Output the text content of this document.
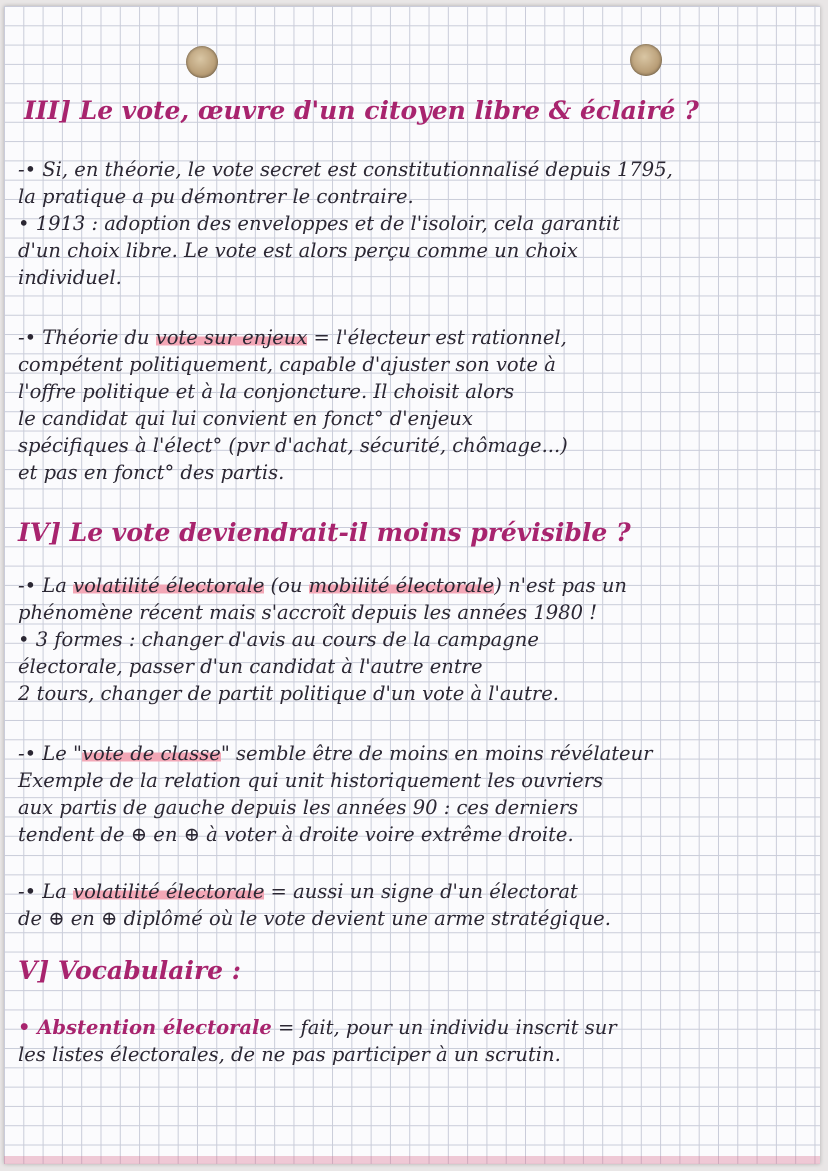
III] Le vote, œuvre d'un citoyen libre & éclairé ?
-• Si, en théorie, le vote secret est constitutionnalisé depuis 1795,
la pratique a pu démontrer le contraire.
• 1913 : adoption des enveloppes et de l'isoloir, cela garantit
d'un choix libre. Le vote est alors perçu comme un choix
individuel.
-• Théorie du vote sur enjeux = l'électeur est rationnel,
compétent politiquement, capable d'ajuster son vote à
l'offre politique et à la conjoncture. Il choisit alors
le candidat qui lui convient en fonct° d'enjeux
spécifiques à l'élect° (pvr d'achat, sécurité, chômage...)
et pas en fonct° des partis.
IV] Le vote deviendrait-il moins prévisible ?
-• La volatilité électorale (ou mobilité électorale) n'est pas un
phénomène récent mais s'accroît depuis les années 1980 !
• 3 formes : changer d'avis au cours de la campagne
électorale, passer d'un candidat à l'autre entre
2 tours, changer de partit politique d'un vote à l'autre.
-• Le "vote de classe" semble être de moins en moins révélateur
Exemple de la relation qui unit historiquement les ouvriers
aux partis de gauche depuis les années 90 : ces derniers
tendent de ⊕ en ⊕ à voter à droite voire extrême droite.
-• La volatilité électorale = aussi un signe d'un électorat
de ⊕ en ⊕ diplômé où le vote devient une arme stratégique.
V] Vocabulaire :
• Abstention électorale = fait, pour un individu inscrit sur
les listes électorales, de ne pas participer à un scrutin.
